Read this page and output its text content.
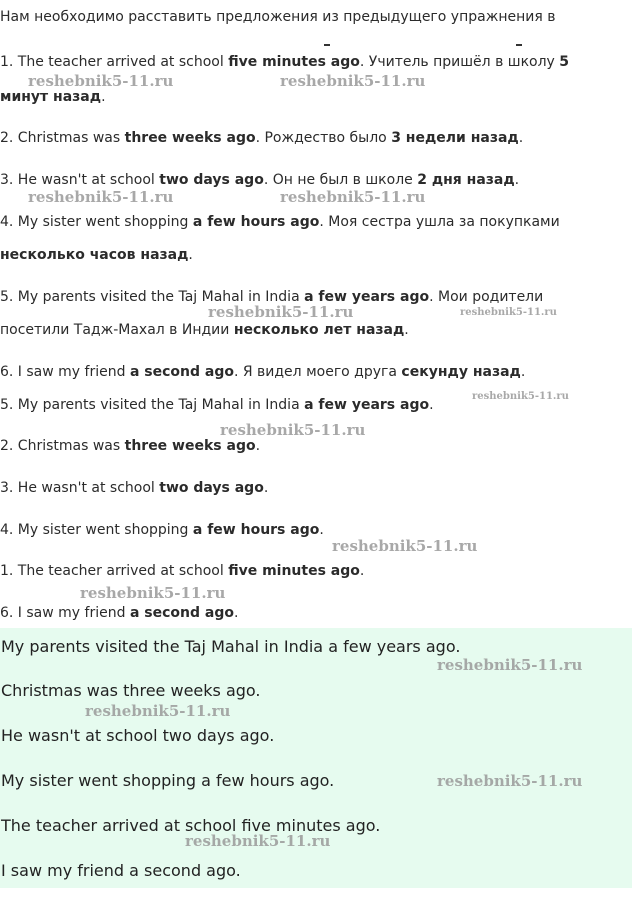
Нам необходимо расставить предложения из предыдущего упражнения в
1. The teacher arrived at school five minutes ago. Учитель пришёл в школу 5
минут назад.
2. Christmas was three weeks ago. Рождество было 3 недели назад.
3. He wasn't at school two days ago. Он не был в школе 2 дня назад.
4. My sister went shopping a few hours ago. Моя сестра ушла за покупками
несколько часов назад.
5. My parents visited the Taj Mahal in India a few years ago. Мои родители
посетили Тадж-Махал в Индии несколько лет назад.
6. I saw my friend a second ago. Я видел моего друга секунду назад.
5. My parents visited the Taj Mahal in India a few years ago.
2. Christmas was three weeks ago.
3. He wasn't at school two days ago.
4. My sister went shopping a few hours ago.
1. The teacher arrived at school five minutes ago.
6. I saw my friend a second ago.
My parents visited the Taj Mahal in India a few years ago.
Christmas was three weeks ago.
He wasn't at school two days ago.
My sister went shopping a few hours ago.
The teacher arrived at school five minutes ago.
I saw my friend a second ago.
reshebnik5-11.ru	reshebnik5-11.ru
reshebnik5-11.ru	reshebnik5-11.ru
reshebnik5-11.ru	reshebnik5-11.ru
reshebnik5-11.ru
reshebnik5-11.ru
reshebnik5-11.ru
reshebnik5-11.ru
reshebnik5-11.ru
reshebnik5-11.ru
reshebnik5-11.ru
reshebnik5-11.ru
